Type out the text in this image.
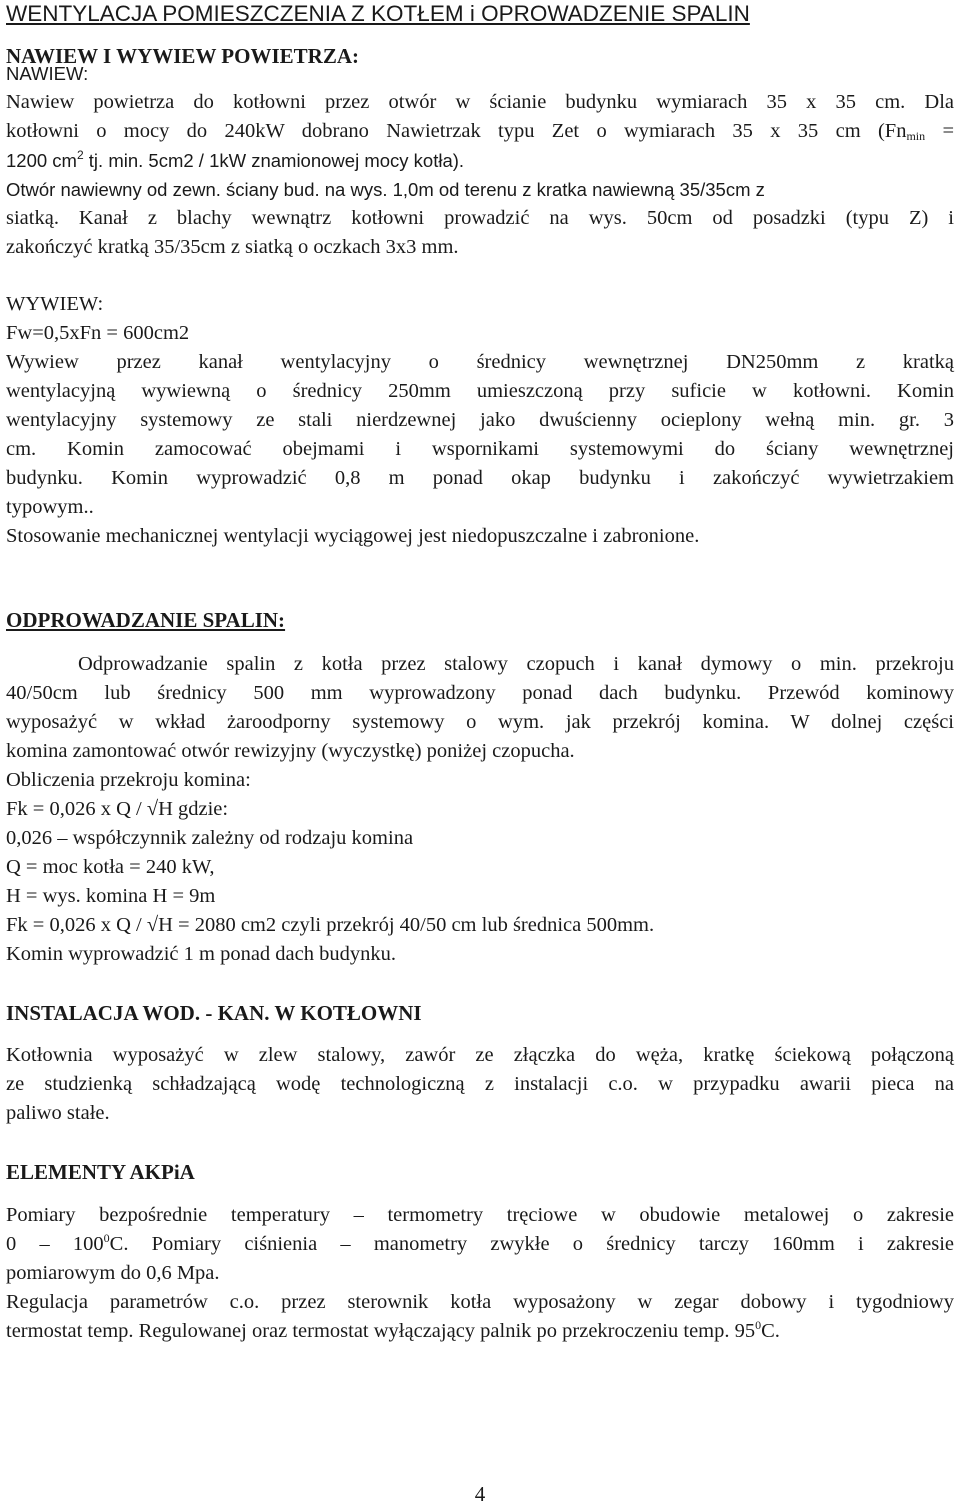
WENTYLACJA POMIESZCZENIA Z KOTŁEM i OPROWADZENIE SPALIN
NAWIEW I WYWIEW POWIETRZA:

NAWIEW:

Nawiew powietrza do kotłowni przez otwór w ścianie budynku wymiarach 35 x 35 cm. Dla

kotłowni o mocy do 240kW dobrano Nawietrzak typu Zet o wymiarach 35 x 35 cm ($Fn_{min}$ =

1200 $cm^2$ tj. min. 5cm2 / 1kW znamionowej mocy kotła).

Otwór nawiewny od zewn. ściany bud. na wys. 1,0m od terenu z kratka nawiewną 35/35cm z

siatką. Kanał z blachy wewnątrz kotłowni prowadzić na wys. 50cm od posadzki (typu Z) i

zakończyć kratką 35/35cm z siatką o oczkach 3x3 mm.

WYWIEW:

Fw=0,5xFn = 600cm2

Wywiew przez kanał wentylacyjny o średnicy wewnętrznej DN250mm z kratką

wentylacyjną wywiewną o średnicy 250mm umieszczoną przy suficie w kotłowni. Komin

wentylacyjny systemowy ze stali nierdzewnej jako dwuścienny ocieplony wełną min. gr. 3

cm. Komin zamocować obejmami i wspornikami systemowymi do ściany wewnętrznej

budynku. Komin wyprowadzić 0,8 m ponad okap budynku i zakończyć wywietrzakiem

typowym..

Stosowanie mechanicznej wentylacji wyciągowej jest niedopuszczalne i zabronione.

ODPROWADZANIE SPALIN:

Odprowadzanie spalin z kotła przez stalowy czopuch i kanał dymowy o min. przekroju

40/50cm lub średnicy 500 mm wyprowadzony ponad dach budynku. Przewód kominowy

wyposażyć w wkład żaroodporny systemowy o wym. jak przekrój komina. W dolnej części

komina zamontować otwór rewizyjny (wyczystkę) poniżej czopucha.

Obliczenia przekroju komina:

Fk = 0,026 x Q / √H gdzie:

0,026 – współczynnik zależny od rodzaju komina

Q = moc kotła = 240 kW,

H = wys. komina H = 9m

Fk = 0,026 x Q / √H = 2080 cm2 czyli przekrój 40/50 cm lub średnica 500mm.

Komin wyprowadzić 1 m ponad dach budynku.

INSTALACJA WOD. - KAN. W KOTŁOWNI

Kotłownia wyposażyć w zlew stalowy, zawór ze złączka do węża, kratkę ściekową połączoną

ze studzienką schładzającą wodę technologiczną z instalacji c.o. w przypadku awarii pieca na

paliwo stałe.

ELEMENTY AKPiA

Pomiary bezpośrednie temperatury – termometry tręciowe w obudowie metalowej o zakresie

$0 - 100^0C$. Pomiary ciśnienia – manometry zwykłe o średnicy tarczy 160mm i zakresie

pomiarowym do 0,6 Mpa.

Regulacja parametrów c.o. przez sterownik kotła wyposażony w zegar dobowy i tygodniowy

termostat temp. Regulowanej oraz termostat wyłączający palnik po przekroczeniu temp. $95^0C$.

4
